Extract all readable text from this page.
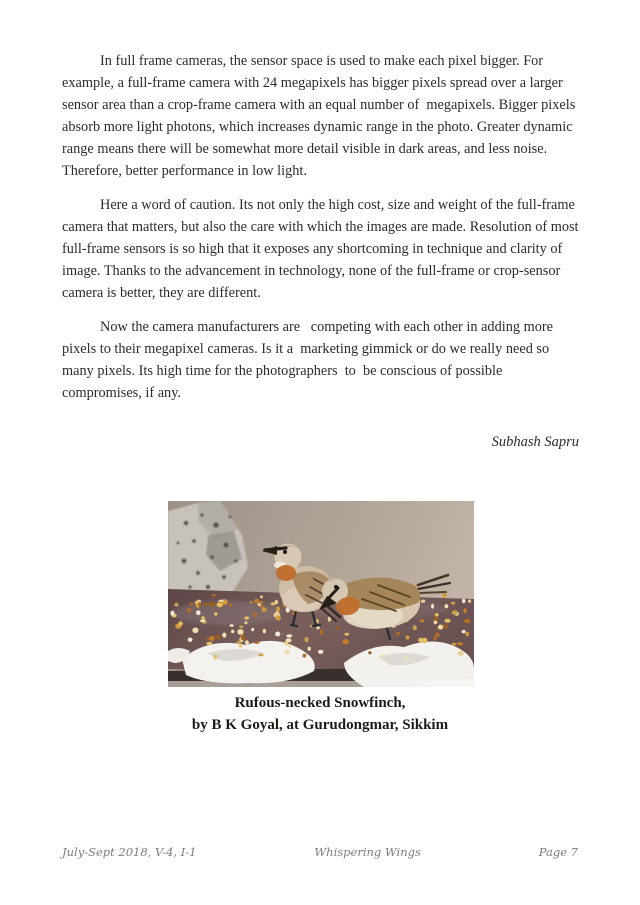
In full frame cameras, the sensor space is used to make each pixel bigger. For example, a full-frame camera with 24 megapixels has bigger pixels spread over a larger sensor area than a crop-frame camera with an equal number of  megapixels. Bigger pixels absorb more light photons, which increases dynamic range in the photo. Greater dynamic range means there will be somewhat more detail visible in dark areas, and less noise. Therefore, better performance in low light.

Here a word of caution. Its not only the high cost, size and weight of the full-frame camera that matters, but also the care with which the images are made. Resolution of most full-frame sensors is so high that it exposes any shortcoming in technique and clarity of image. Thanks to the advancement in technology, none of the full-frame or crop-sensor camera is better, they are different.

Now the camera manufacturers are   competing with each other in adding more pixels to their megapixel cameras. Is it a  marketing gimmick or do we really need so many pixels. Its high time for the photographers  to  be conscious of possible compromises, if any.

Subhash Sapru
Rufous-necked Snowfinch,
by B K Goyal, at Gurudongmar, Sikkim
July-Sept 2018, V-4, I-1	Whispering Wings	Page 7
